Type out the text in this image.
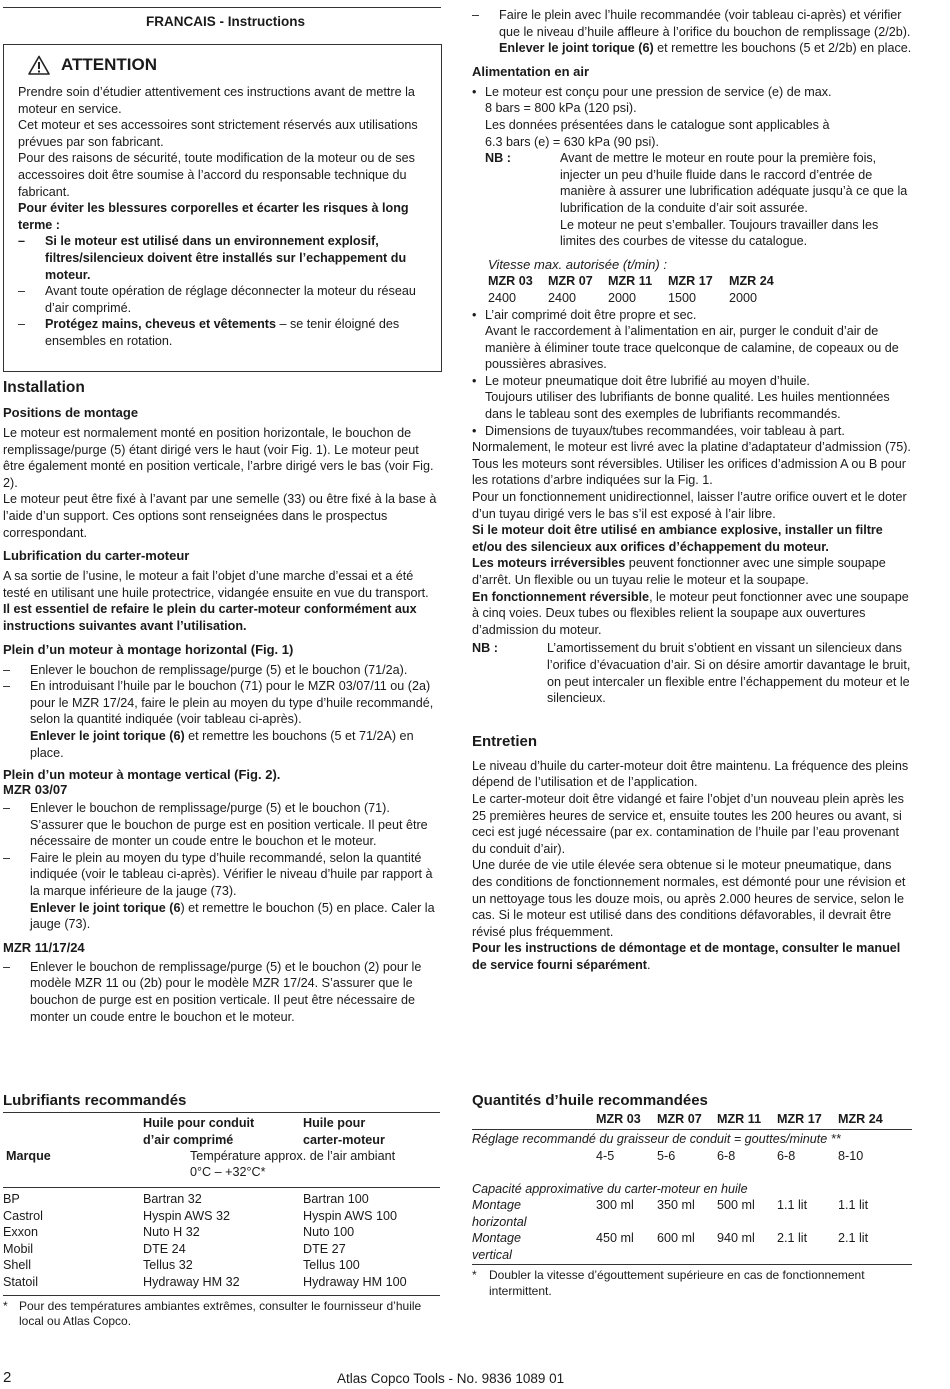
FRANCAIS - Instructions
ATTENTION

Prendre soin d’étudier attentivement ces instructions avant de mettre la moteur en service.

Cet moteur et ses accessoires sont strictement réservés aux utilisations prévues par son fabricant.

Pour des raisons de sécurité, toute modification de la moteur ou de ses accessoires doit être soumise à l’accord du responsable technique du fabricant.

Pour éviter les blessures corporelles et écarter les risques à long terme :

– Si le moteur est utilisé dans un environnement explosif, filtres/silencieux doivent être installés sur l’echappement du moteur.

– Avant toute opération de réglage déconnecter la moteur du réseau d’air comprimé.

– Protégez mains, cheveus et vêtements – se tenir éloigné des ensembles en rotation.

Installation
Positions de montage

Le moteur est normalement monté en position horizontale, le bouchon de remplissage/purge (5) étant dirigé vers le haut (voir Fig. 1). Le moteur peut être également monté en position verticale, l’arbre dirigé vers le bas (voir Fig. 2).

Le moteur peut être fixé à l’avant par une semelle (33) ou être fixé à la base à l’aide d’un support. Ces options sont renseignées dans le prospectus correspondant.

Lubrification du carter-moteur

A sa sortie de l’usine, le moteur a fait l’objet d’une marche d’essai et a été testé en utilisant une huile protectrice, vidangée ensuite en vue du transport.

Il est essentiel de refaire le plein du carter-moteur conformément aux instructions suivantes avant l’utilisation.

Plein d’un moteur à montage horizontal (Fig. 1)

– Enlever le bouchon de remplissage/purge (5) et le bouchon (71/2a).

– En introduisant l’huile par le bouchon (71) pour le MZR 03/07/11 ou (2a) pour le MZR 17/24, faire le plein au moyen du type d’huile recommandé, selon la quantité indiquée (voir tableau ci-après).

Enlever le joint torique (6) et remettre les bouchons (5 et 71/2A) en place.

Plein d’un moteur à montage vertical (Fig. 2).
MZR 03/07

– Enlever le bouchon de remplissage/purge (5) et le bouchon (71). S’assurer que le bouchon de purge est en position verticale. Il peut être nécessaire de monter un coude entre le bouchon et le moteur.

– Faire le plein au moyen du type d’huile recommandé, selon la quantité indiquée (voir le tableau ci-après). Vérifier le niveau d’huile par rapport à la marque inférieure de la jauge (73).

Enlever le joint torique (6) et remettre le bouchon (5) en place. Caler la jauge (73).

MZR 11/17/24

– Enlever le bouchon de remplissage/purge (5) et le bouchon (2) pour le modèle MZR 11 ou (2b) pour le modèle MZR 17/24. S’assurer que le bouchon de purge est en position verticale. Il peut être nécessaire de monter un coude entre le bouchon et le moteur.

– Faire le plein avec l’huile recommandée (voir tableau ci-après) et vérifier que le niveau d’huile affleure à l’orifice du bouchon de remplissage (2/2b).

Enlever le joint torique (6) et remettre les bouchons (5 et 2/2b) en place.

Alimentation en air

• Le moteur est conçu pour une pression de service (e) de max.

8 bars = 800 kPa (120 psi).

Les données présentées dans le catalogue sont applicables à

6.3 bars (e) = 630 kPa (90 psi).

NB :	Avant de mettre le moteur en route pour la première fois, injecter un peu d’huile fluide dans le raccord d’entrée de manière à assurer une lubrification adéquate jusqu’à ce que la lubrification de la conduite d’air soit assurée.

Le moteur ne peut s’emballer. Toujours travailler dans les limites des courbes de vitesse du catalogue.

Vitesse max. autorisée (t/min) :
MZR 03	MZR 07	MZR 11	MZR 17	MZR 24
2400	2400	2000	1500	2000

• L’air comprimé doit être propre et sec.

Avant le raccordement à l’alimentation en air, purger le conduit d’air de manière à éliminer toute trace quelconque de calamine, de copeaux ou de poussières abrasives.

• Le moteur pneumatique doit être lubrifié au moyen d’huile.

Toujours utiliser des lubrifiants de bonne qualité. Les huiles mentionnées dans le tableau sont des exemples de lubrifiants recommandés.

• Dimensions de tuyaux/tubes recommandées, voir tableau à part.

Normalement, le moteur est livré avec la platine d’adaptateur d’admission (75). Tous les moteurs sont réversibles. Utiliser les orifices d’admission A ou B pour les rotations d’arbre indiquées sur la Fig. 1.

Pour un fonctionnement unidirectionnel, laisser l’autre orifice ouvert et le doter d’un tuyau dirigé vers le bas s’il est exposé à l’air libre.

Si le moteur doit être utilisé en ambiance explosive, installer un filtre et/ou des silencieux aux orifices d’échappement du moteur.

Les moteurs irréversibles peuvent fonctionner avec une simple soupape d’arrêt. Un flexible ou un tuyau relie le moteur et la soupape.

En fonctionnement réversible, le moteur peut fonctionner avec une soupape à cinq voies. Deux tubes ou flexibles relient la soupape aux ouvertures d’admission du moteur.

NB :	L’amortissement du bruit s’obtient en vissant un silencieux dans l’orifice d’évacuation d’air. Si on désire amortir davantage le bruit, on peut intercaler un flexible entre l’échappement du moteur et le silencieux.

Entretien

Le niveau d’huile du carter-moteur doit être maintenu. La fréquence des pleins dépend de l’utilisation et de l’application.

Le carter-moteur doit être vidangé et faire l’objet d’un nouveau plein après les 25 premières heures de service et, ensuite toutes les 200 heures ou avant, si ceci est jugé nécessaire (par ex. contamination de l’huile par l’eau provenant du conduit d’air).

Une durée de vie utile élevée sera obtenue si le moteur pneumatique, dans des conditions de fonctionnement normales, est démonté pour une révision et un nettoyage tous les douze mois, ou après 2.000 heures de service, selon le cas. Si le moteur est utilisé dans des conditions défavorables, il devrait être révisé plus fréquemment.

Pour les instructions de démontage et de montage, consulter le manuel de service fourni séparément.

Lubrifiants recommandés
Huile pour conduit d’air comprimé
Huile pour carter-moteur
Marque	Température approx. de l’air ambiant
0°C – +32°C*
BP	Bartran 32	Bartran 100
Castrol	Hyspin AWS 32	Hyspin AWS 100
Exxon	Nuto H 32	Nuto 100
Mobil	DTE 24	DTE 27
Shell	Tellus 32	Tellus 100
Statoil	Hydraway HM 32	Hydraway HM 100
* Pour des températures ambiantes extrêmes, consulter le fournisseur d’huile local ou Atlas Copco.
Quantités d’huile recommandées
MZR 03 MZR 07 MZR 11 MZR 17 MZR 24
Réglage recommandé du graisseur de conduit = gouttes/minute **
4-5	5-6	6-8	6-8	8-10
Capacité approximative du carter-moteur en huile
Montage horizontal
300 ml 350 ml 500 ml 1.1 lit 1.1 lit
Montage vertical
450 ml 600 ml 940 ml 2.1 lit 2.1 lit
*	Doubler la vitesse d’égouttement supérieure en cas de fonctionnement intermittent.
2	Atlas Copco Tools - No. 9836 1089 01
